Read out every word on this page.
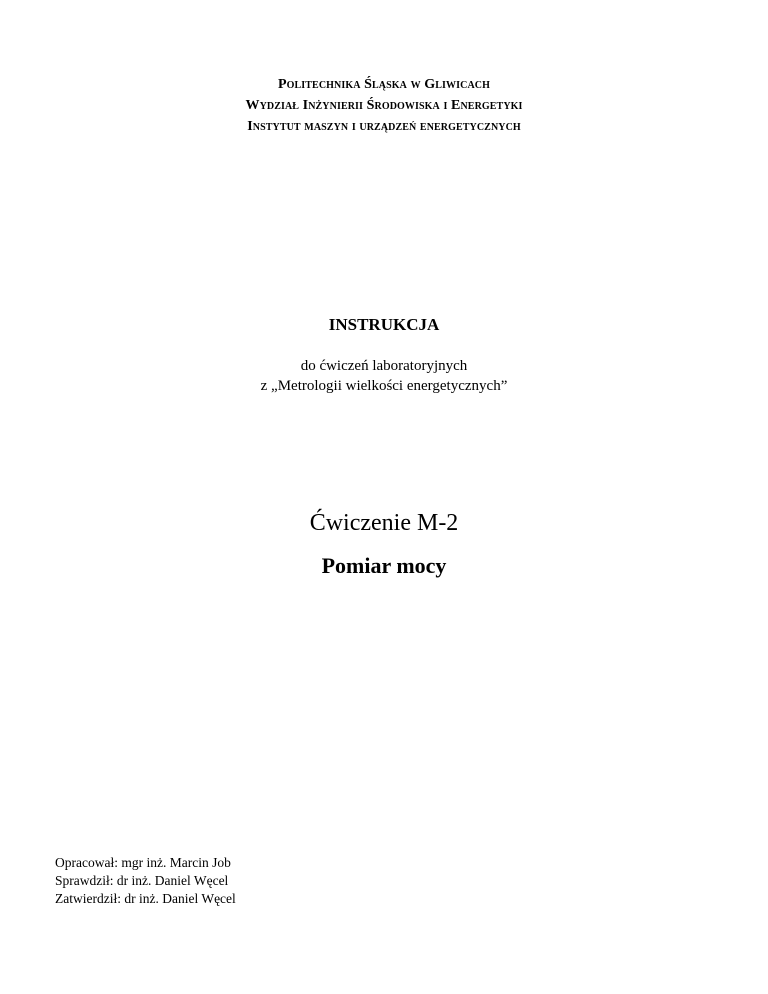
Politechnika Śląska w Gliwicach
Wydział Inżynierii Środowiska i Energetyki
Instytut maszyn i urządzeń energetycznych
INSTRUKCJA
do ćwiczeń laboratoryjnych
z „Metrologii wielkości energetycznych”
Ćwiczenie M-2
Pomiar mocy
Opracował: mgr inż. Marcin Job
Sprawdził: dr inż. Daniel Węcel
Zatwierdził: dr inż. Daniel Węcel
